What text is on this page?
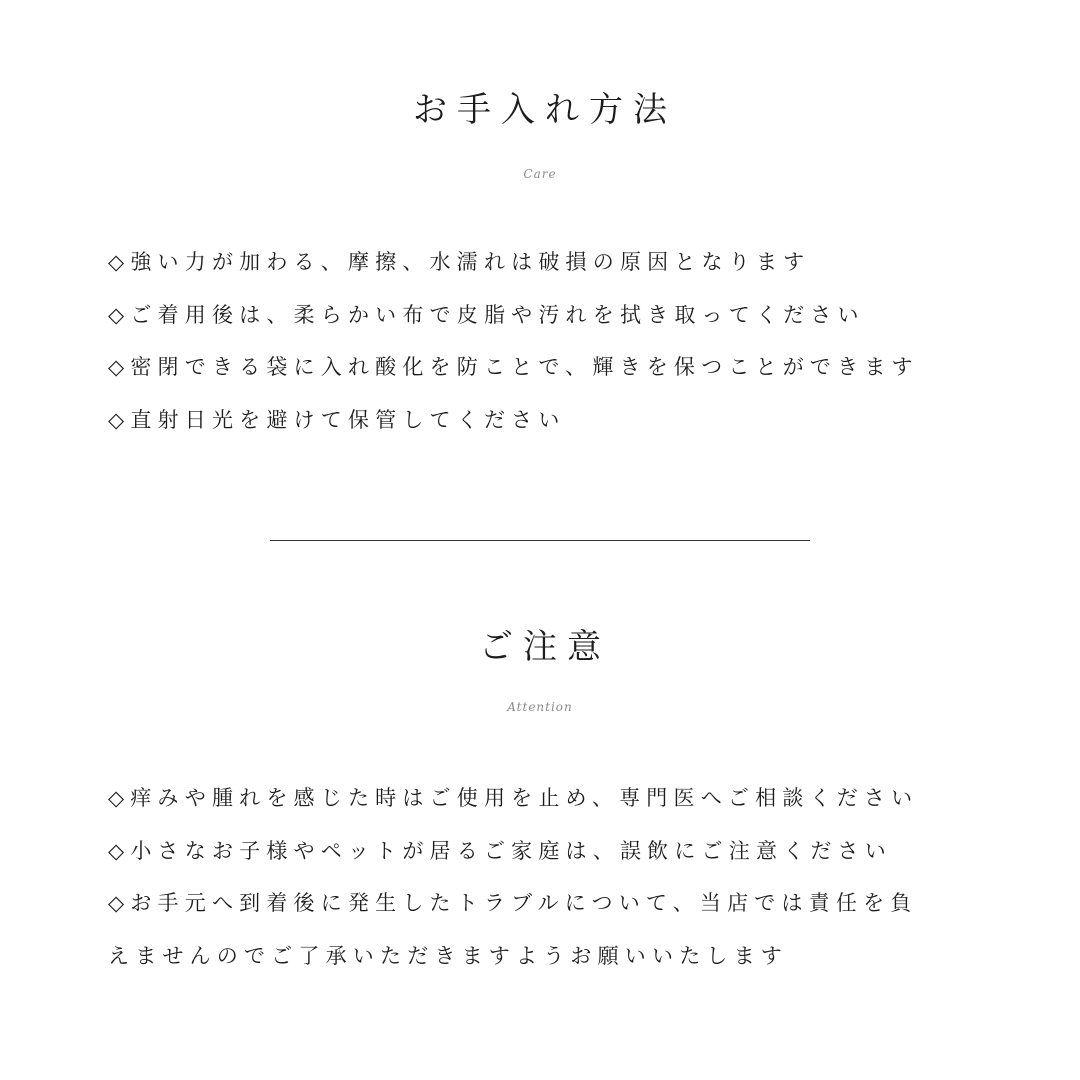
お手入れ方法
Care
◇強い力が加わる、摩擦、水濡れは破損の原因となります
◇ご着用後は、柔らかい布で皮脂や汚れを拭き取ってください
◇密閉できる袋に入れ酸化を防ことで、輝きを保つことができます
◇直射日光を避けて保管してください
ご注意
Attention
◇痒みや腫れを感じた時はご使用を止め、専門医へご相談ください
◇小さなお子様やペットが居るご家庭は、誤飲にご注意ください
◇お手元へ到着後に発生したトラブルについて、当店では責任を負
えませんのでご了承いただきますようお願いいたします
